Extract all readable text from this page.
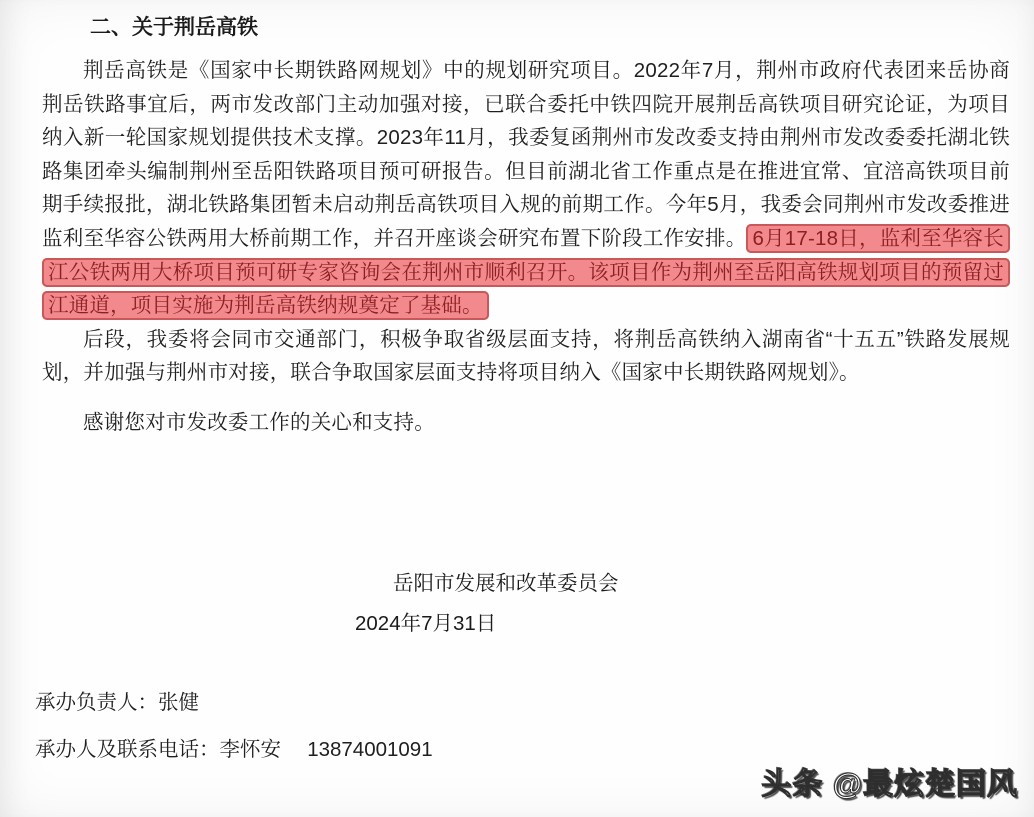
二、关于荆岳高铁

荆岳高铁是《国家中长期铁路网规划》中的规划研究项目。2022年7月，荆州市政府代表团来岳协商荆岳铁路事宜后，两市发改部门主动加强对接，已联合委托中铁四院开展荆岳高铁项目研究论证，为项目纳入新一轮国家规划提供技术支撑。2023年11月，我委复函荆州市发改委支持由荆州市发改委委托湖北铁路集团牵头编制荆州至岳阳铁路项目预可研报告。但目前湖北省工作重点是在推进宜常、宜涪高铁项目前期手续报批，湖北铁路集团暂未启动荆岳高铁项目入规的前期工作。今年5月，我委会同荆州市发改委推进监利至华容公铁两用大桥前期工作，并召开座谈会研究布置下阶段工作安排。 6月17-18日，监利至华容长江公铁两用大桥项目预可研专家咨询会在荆州市顺利召开。该项目作为荆州至岳阳高铁规划项目的预留过江通道，项目实施为荆岳高铁纳规奠定了基础。

后段，我委将会同市交通部门，积极争取省级层面支持，将荆岳高铁纳入湖南省“十五五”铁路发展规划，并加强与荆州市对接，联合争取国家层面支持将项目纳入《国家中长期铁路网规划》。

感谢您对市发改委工作的关心和支持。

岳阳市发展和改革委员会
2024年7月31日
承办负责人：张健
承办人及联系电话：李怀安　 13874001091
头条 @最炫楚国风
